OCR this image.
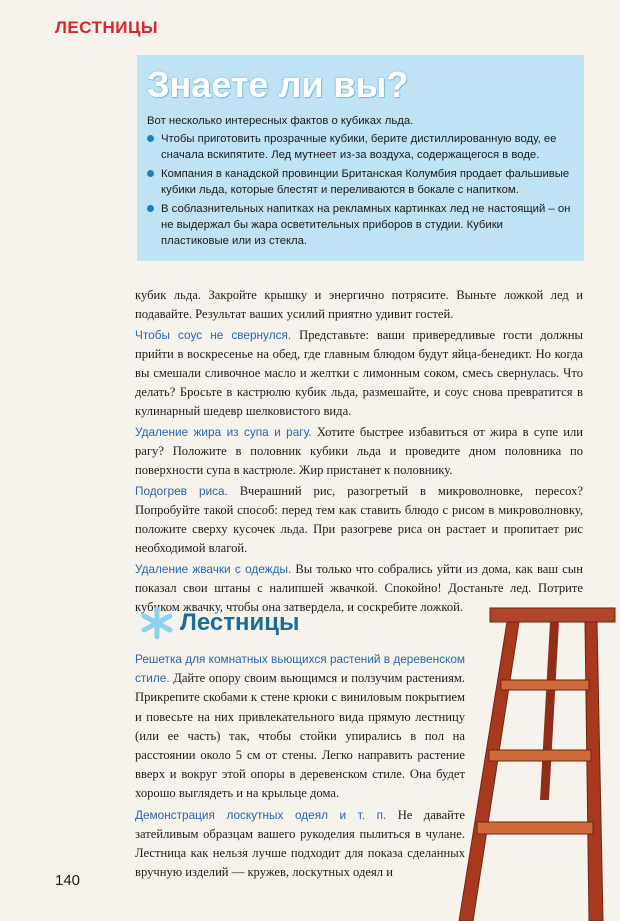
ЛЕСТНИЦЫ
Знаете ли вы?
Вот несколько интересных фактов о кубиках льда.
Чтобы приготовить прозрачные кубики, берите дистиллированную воду, ее сначала вскипятите. Лед мутнеет из-за воздуха, содержащегося в воде.
Компания в канадской провинции Британская Колумбия продает фальшивые кубики льда, которые блестят и переливаются в бокале с напитком.
В соблазнительных напитках на рекламных картинках лед не настоящий – он не выдержал бы жара осветительных приборов в студии. Кубики пластиковые или из стекла.

кубик льда. Закройте крышку и энергично потрясите. Выньте ложкой лед и подавайте. Результат ваших усилий приятно удивит гостей.

Чтобы соус не свернулся. Представьте: ваши привередливые гости должны прийти в воскресенье на обед, где главным блюдом будут яйца-бенедикт. Но когда вы смешали сливочное масло и желтки с лимонным соком, смесь свернулась. Что делать? Бросьте в кастрюлю кубик льда, размешайте, и соус снова превратится в кулинарный шедевр шелковистого вида.

Удаление жира из супа и рагу. Хотите быстрее избавиться от жира в супе или рагу? Положите в половник кубики льда и проведите дном половника по поверхности супа в кастрюле. Жир пристанет к половнику.

Подогрев риса. Вчерашний рис, разогретый в микроволновке, пересох? Попробуйте такой способ: перед тем как ставить блюдо с рисом в микроволновку, положите сверху кусочек льда. При разогреве риса он растает и пропитает рис необходимой влагой.

Удаление жвачки с одежды. Вы только что собрались уйти из дома, как ваш сын показал свои штаны с налипшей жвачкой. Спокойно! Достаньте лед. Потрите кубиком жвачку, чтобы она затвердела, и соскребите ложкой.

Лестницы

Решетка для комнатных вьющихся растений в деревенском стиле. Дайте опору своим вьющимся и ползучим растениям. Прикрепите скобами к стене крюки с виниловым покрытием и повесьте на них привлекательного вида прямую лестницу (или ее часть) так, чтобы стойки упирались в пол на расстоянии около 5 см от стены. Легко направить растение вверх и вокруг этой опоры в деревенском стиле. Она будет хорошо выглядеть и на крыльце дома.

Демонстрация лоскутных одеял и т. п. Не давайте затейливым образцам вашего рукоделия пылиться в чулане. Лестница как нельзя лучше подходит для показа сделанных вручную изделий — кружев, лоскутных одеял и

140
